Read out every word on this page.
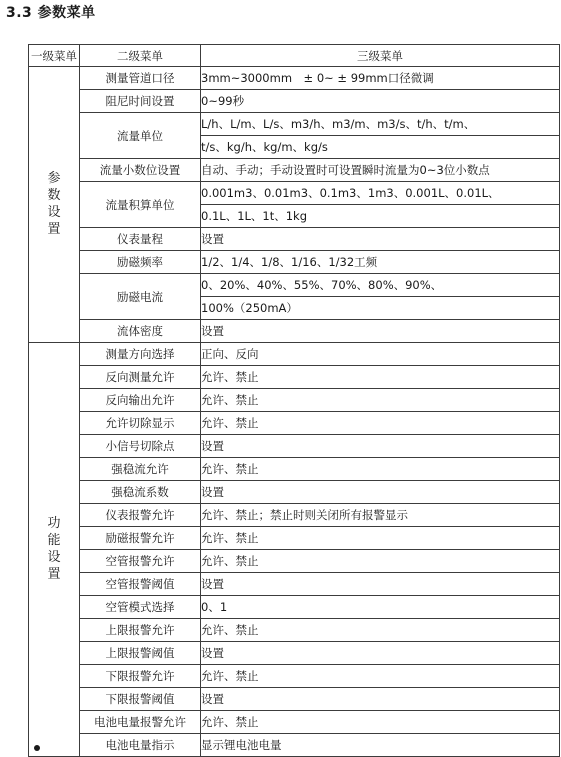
3.3 参数菜单
一级菜单	二级菜单	三级菜单
参数设置	测量管道口径	3mm~3000mm　± 0~ ± 99mm口径微调

	阻尼时间设置	0~99秒

	流量单位	L/h、L/m、L/s、m3/h、m3/m、m3/s、t/h、t/m、
t/s、kg/h、kg/m、kg/s

	流量小数位设置	自动、手动；手动设置时可设置瞬时流量为0~3位小数点

	流量积算单位	0.001m3、0.01m3、0.1m3、1m3、0.001L、0.01L、
0.1L、1L、1t、1kg

	仪表量程	设置

	励磁频率	1/2、1/4、1/8、1/16、1/32工频

	励磁电流	0、20%、40%、55%、70%、80%、90%、
100%（250mA）

	流体密度	设置

功能设置	测量方向选择	正向、反向

	反向测量允许	允许、禁止

	反向输出允许	允许、禁止

	允许切除显示	允许、禁止

	小信号切除点	设置

	强稳流允许	允许、禁止

	强稳流系数	设置

	仪表报警允许	允许、禁止；禁止时则关闭所有报警显示

	励磁报警允许	允许、禁止

	空管报警允许	允许、禁止

	空管报警阈值	设置

	空管模式选择	0、1

	上限报警允许	允许、禁止

	上限报警阈值	设置

	下限报警允许	允许、禁止

	下限报警阈值	设置

	电池电量报警允许	允许、禁止

	电池电量指示	显示锂电池电量
